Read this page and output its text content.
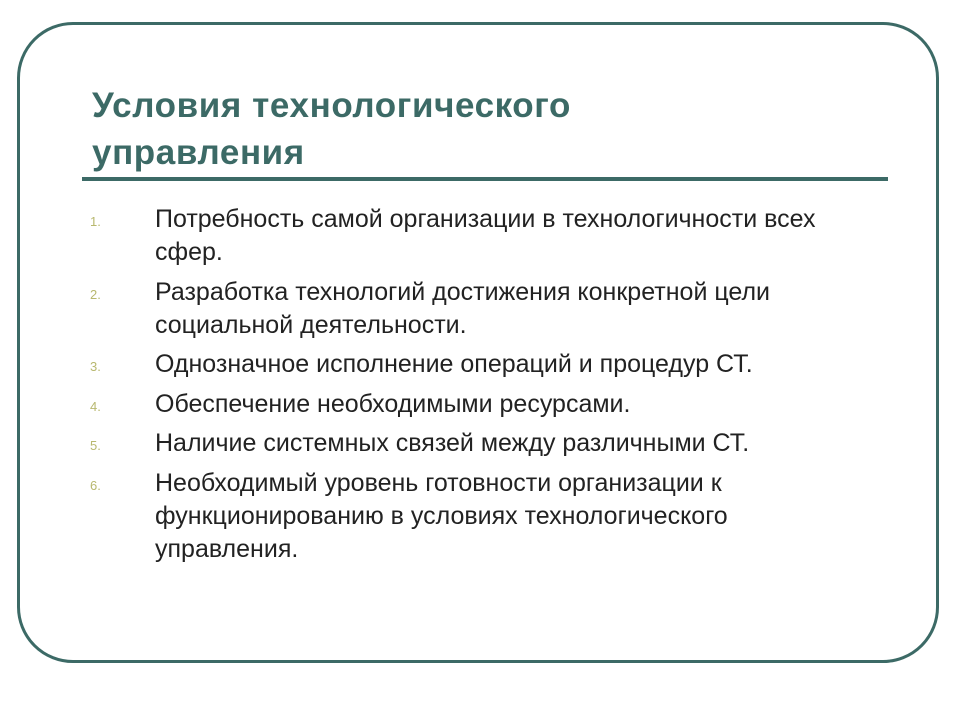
Условия технологического
управления
1. Потребность самой организации в технологичности всех сфер.
2. Разработка технологий достижения конкретной цели социальной деятельности.
3. Однозначное исполнение операций и процедур СТ.
4. Обеспечение необходимыми ресурсами.
5. Наличие системных связей между различными СТ.
6. Необходимый уровень готовности организации к функционированию в условиях технологического управления.
